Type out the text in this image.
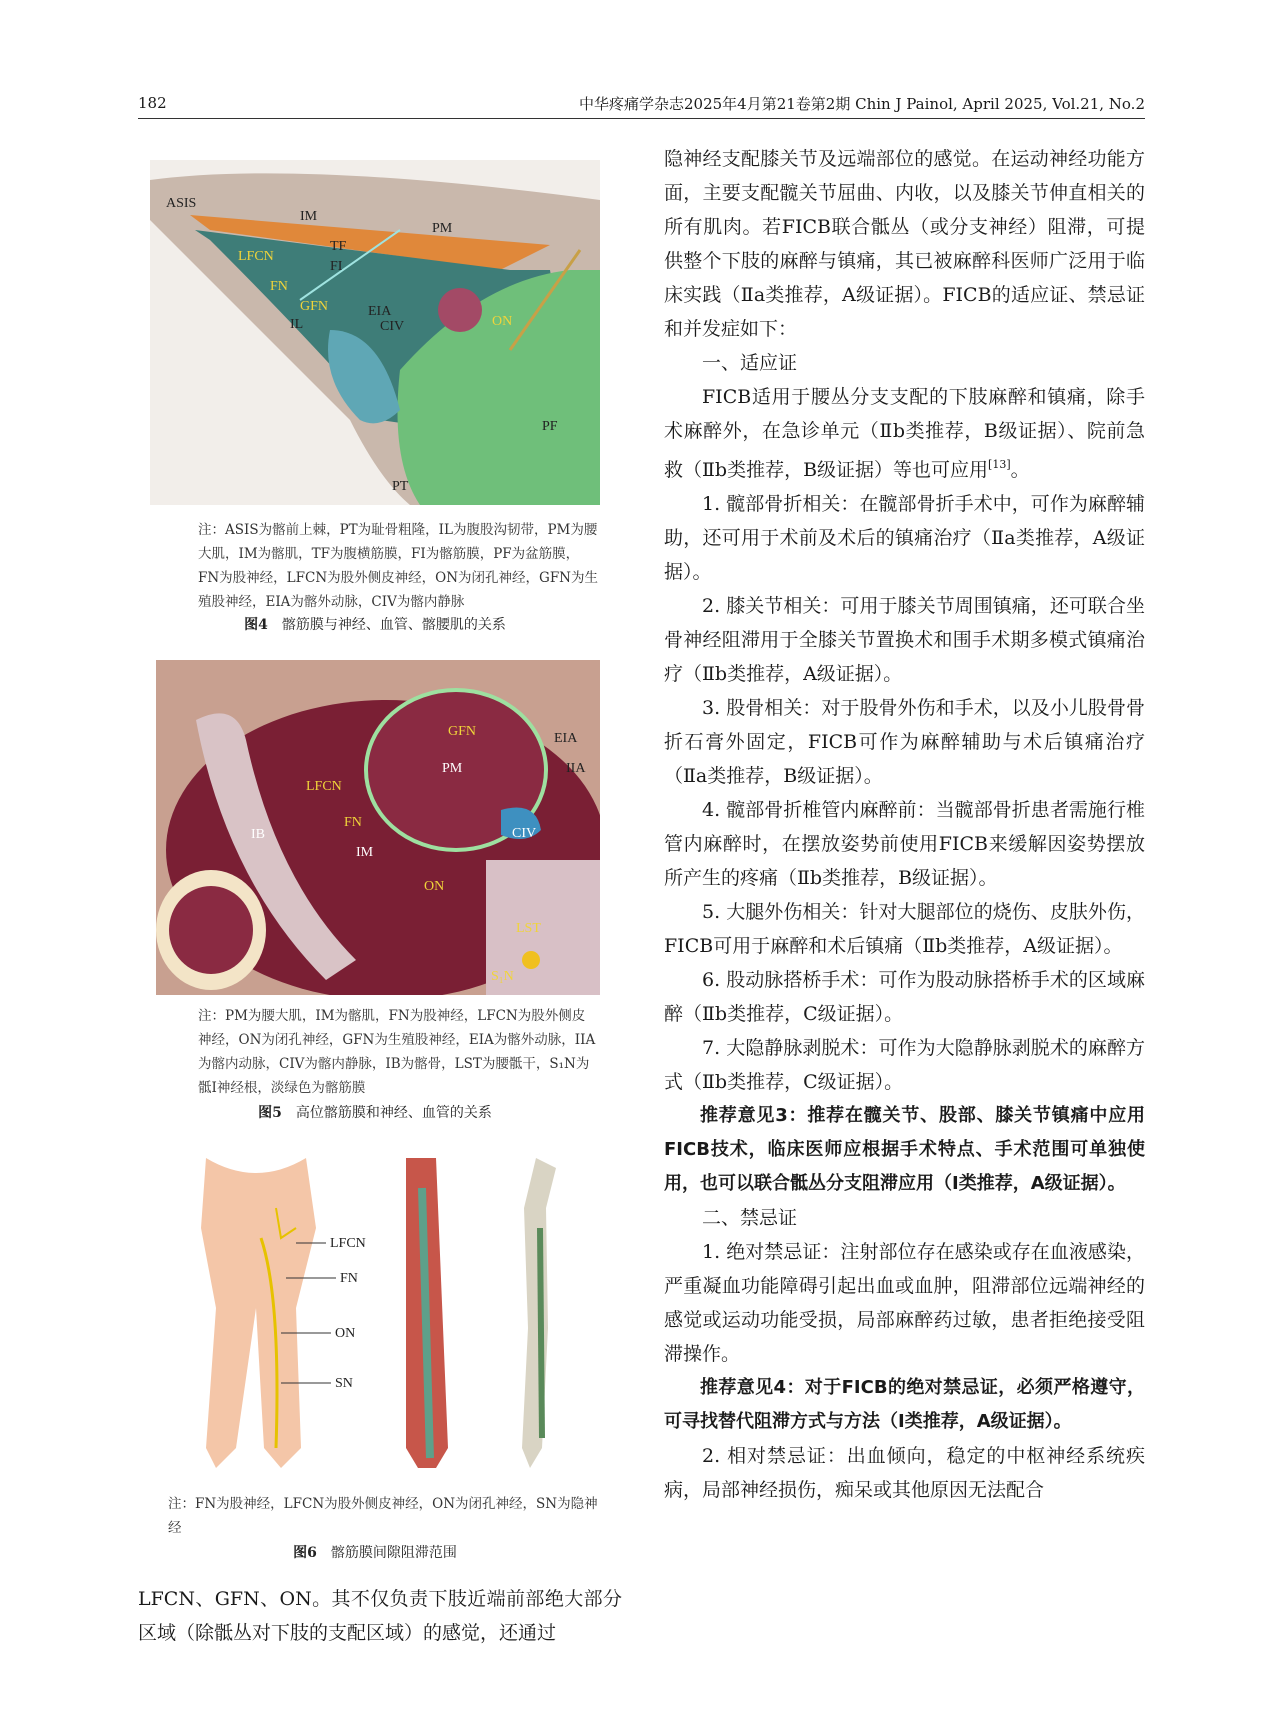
182	中华疼痛学杂志2025年4月第21卷第2期 Chin J Painol, April 2025, Vol.21, No.2
ASIS
IM
PM
TF
LFCN
FI
FN
GFN	EIA
ON
IL	CIV
PF
PT
注：ASIS为髂前上棘，PT为耻骨粗隆，IL为腹股沟韧带，PM为腰大肌，IM为髂肌，TF为腹横筋膜，FI为髂筋膜，PF为盆筋膜，FN为股神经，LFCN为股外侧皮神经，ON为闭孔神经，GFN为生殖股神经，EIA为髂外动脉，CIV为髂内静脉
图4 髂筋膜与神经、血管、髂腰肌的关系
GFN	EIA
PM	IIA
LFCN
FN
IB
IM
CIV
ON
LST
S₁N
注：PM为腰大肌，IM为髂肌，FN为股神经，LFCN为股外侧皮神经，ON为闭孔神经，GFN为生殖股神经，EIA为髂外动脉，IIA为髂内动脉，CIV为髂内静脉，IB为髂骨，LST为腰骶干，S₁N为骶Ⅰ神经根，淡绿色为髂筋膜
图5 高位髂筋膜和神经、血管的关系
LFCN
FN
ON
SN
注：FN为股神经，LFCN为股外侧皮神经，ON为闭孔神经，SN为隐神经
图6 髂筋膜间隙阻滞范围

LFCN、GFN、ON。其不仅负责下肢近端前部绝大部分区域（除骶丛对下肢的支配区域）的感觉，还通过

隐神经支配膝关节及远端部位的感觉。在运动神经功能方面，主要支配髋关节屈曲、内收，以及膝关节伸直相关的所有肌肉。若FICB联合骶丛（或分支神经）阻滞，可提供整个下肢的麻醉与镇痛，其已被麻醉科医师广泛用于临床实践（Ⅱa类推荐，A级证据）。FICB的适应证、禁忌证和并发症如下：

一、适应证

FICB适用于腰丛分支支配的下肢麻醉和镇痛，除手术麻醉外，在急诊单元（Ⅱb类推荐，B级证据）、院前急救（Ⅱb类推荐，B级证据）等也可应用[13]。

1. 髋部骨折相关：在髋部骨折手术中，可作为麻醉辅助，还可用于术前及术后的镇痛治疗（Ⅱa类推荐，A级证据）。

2. 膝关节相关：可用于膝关节周围镇痛，还可联合坐骨神经阻滞用于全膝关节置换术和围手术期多模式镇痛治疗（Ⅱb类推荐，A级证据）。

3. 股骨相关：对于股骨外伤和手术，以及小儿股骨骨折石膏外固定，FICB可作为麻醉辅助与术后镇痛治疗（Ⅱa类推荐，B级证据）。

4. 髋部骨折椎管内麻醉前：当髋部骨折患者需施行椎管内麻醉时，在摆放姿势前使用FICB来缓解因姿势摆放所产生的疼痛（Ⅱb类推荐，B级证据）。

5. 大腿外伤相关：针对大腿部位的烧伤、皮肤外伤，FICB可用于麻醉和术后镇痛（Ⅱb类推荐，A级证据）。

6. 股动脉搭桥手术：可作为股动脉搭桥手术的区域麻醉（Ⅱb类推荐，C级证据）。

7. 大隐静脉剥脱术：可作为大隐静脉剥脱术的麻醉方式（Ⅱb类推荐，C级证据）。

推荐意见3：推荐在髋关节、股部、膝关节镇痛中应用FICB技术，临床医师应根据手术特点、手术范围可单独使用，也可以联合骶丛分支阻滞应用（Ⅰ类推荐，A级证据）。

二、禁忌证

1. 绝对禁忌证：注射部位存在感染或存在血液感染，严重凝血功能障碍引起出血或血肿，阻滞部位远端神经的感觉或运动功能受损，局部麻醉药过敏，患者拒绝接受阻滞操作。

推荐意见4：对于FICB的绝对禁忌证，必须严格遵守，可寻找替代阻滞方式与方法（Ⅰ类推荐，A级证据）。

2. 相对禁忌证：出血倾向，稳定的中枢神经系统疾病，局部神经损伤，痴呆或其他原因无法配合
